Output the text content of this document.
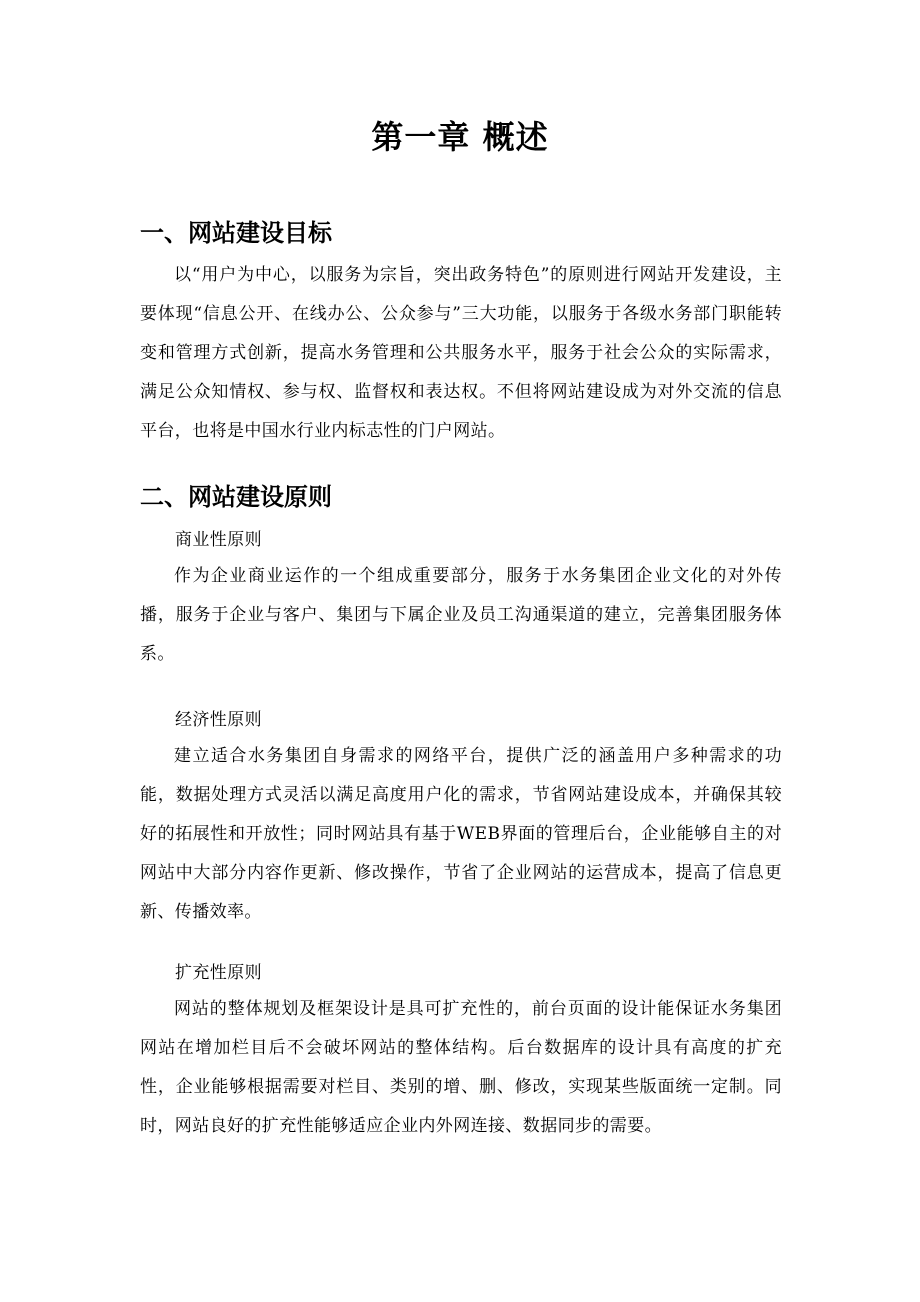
第一章 概述
一、网站建设目标

以“用户为中心，以服务为宗旨，突出政务特色”的原则进行网站开发建设，主要体现“信息公开、在线办公、公众参与”三大功能，以服务于各级水务部门职能转变和管理方式创新，提高水务管理和公共服务水平，服务于社会公众的实际需求，满足公众知情权、参与权、监督权和表达权。不但将网站建设成为对外交流的信息平台，也将是中国水行业内标志性的门户网站。

二、网站建设原则
商业性原则

作为企业商业运作的一个组成重要部分，服务于水务集团企业文化的对外传播，服务于企业与客户、集团与下属企业及员工沟通渠道的建立，完善集团服务体系。

经济性原则

建立适合水务集团自身需求的网络平台，提供广泛的涵盖用户多种需求的功能，数据处理方式灵活以满足高度用户化的需求，节省网站建设成本，并确保其较好的拓展性和开放性；同时网站具有基于WEB界面的管理后台，企业能够自主的对网站中大部分内容作更新、修改操作，节省了企业网站的运营成本，提高了信息更新、传播效率。

扩充性原则

网站的整体规划及框架设计是具可扩充性的，前台页面的设计能保证水务集团网站在增加栏目后不会破坏网站的整体结构。后台数据库的设计具有高度的扩充性，企业能够根据需要对栏目、类别的增、删、修改，实现某些版面统一定制。同时，网站良好的扩充性能够适应企业内外网连接、数据同步的需要。
